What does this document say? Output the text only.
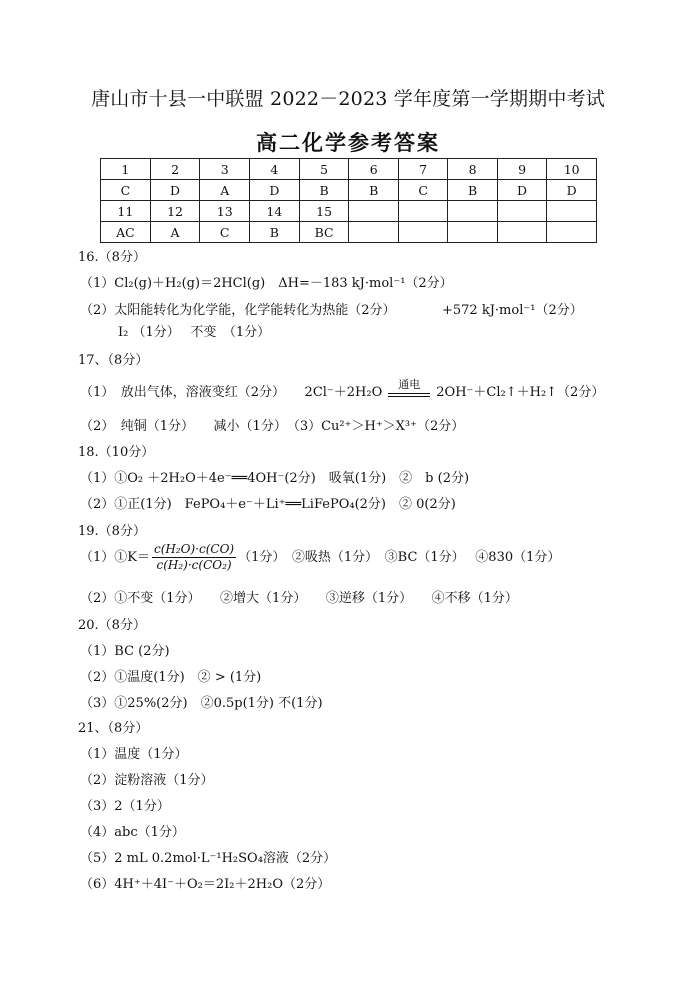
唐山市十县一中联盟 2022－2023 学年度第一学期期中考试
高二化学参考答案
1	2	3	4	5	6	7	8	9	10
C	D	A	D	B	B	C	B	D	D
11	12	13	14	15					
AC	A	C	B	BC					
16.（8分）
（1）Cl₂(g)＋H₂(g)＝2HCl(g)　ΔH=－183 kJ·mol⁻¹（2分）
（2）太阳能转化为化学能，化学能转化为热能（2分）	+572 kJ·mol⁻¹（2分）
I₂ （1分）　 不变　（1分）
17、（8分）
（1）　放出气体，溶液变红（2分）　　2Cl⁻＋2H₂O
通电
2OH⁻＋Cl₂↑＋H₂↑（2分）
（2）　纯铜（1分）　　减小（1分）　（3）Cu²⁺＞H⁺＞X³⁺（2分）
18.（10分）
（1）①O₂ ＋2H₂O＋4e⁻══4OH⁻(2分)　吸氧(1分)　②　b (2分)
（2）①正(1分)　FePO₄＋e⁻＋Li⁺══LiFePO₄(2分)　② 0(2分)
19.（8分）
（1）①K＝ $\frac{\text{c(H₂O)·c(CO)}}{\text{c(H₂)·c(CO₂)}} (1$分）　②吸热（1分）　③BC（1分）　 ④830（1分）
（2）①不变（1分）　　②增大（1分）　　③逆移（1分）　　④不移（1分）
20.（8分）
（1）BC (2分)
（2）①温度(1分)　② > (1分)
（3）①25%(2分)　②0.5p(1分) 不(1分)
21、（8分）
（1）温度（1分）
（2）淀粉溶液（1分）
（3）2（1分）
（4）abc（1分）
（5）2 mL 0.2mol·L⁻¹H₂SO₄溶液（2分）
（6）4H⁺＋4I⁻＋O₂＝2I₂＋2H₂O（2分）
